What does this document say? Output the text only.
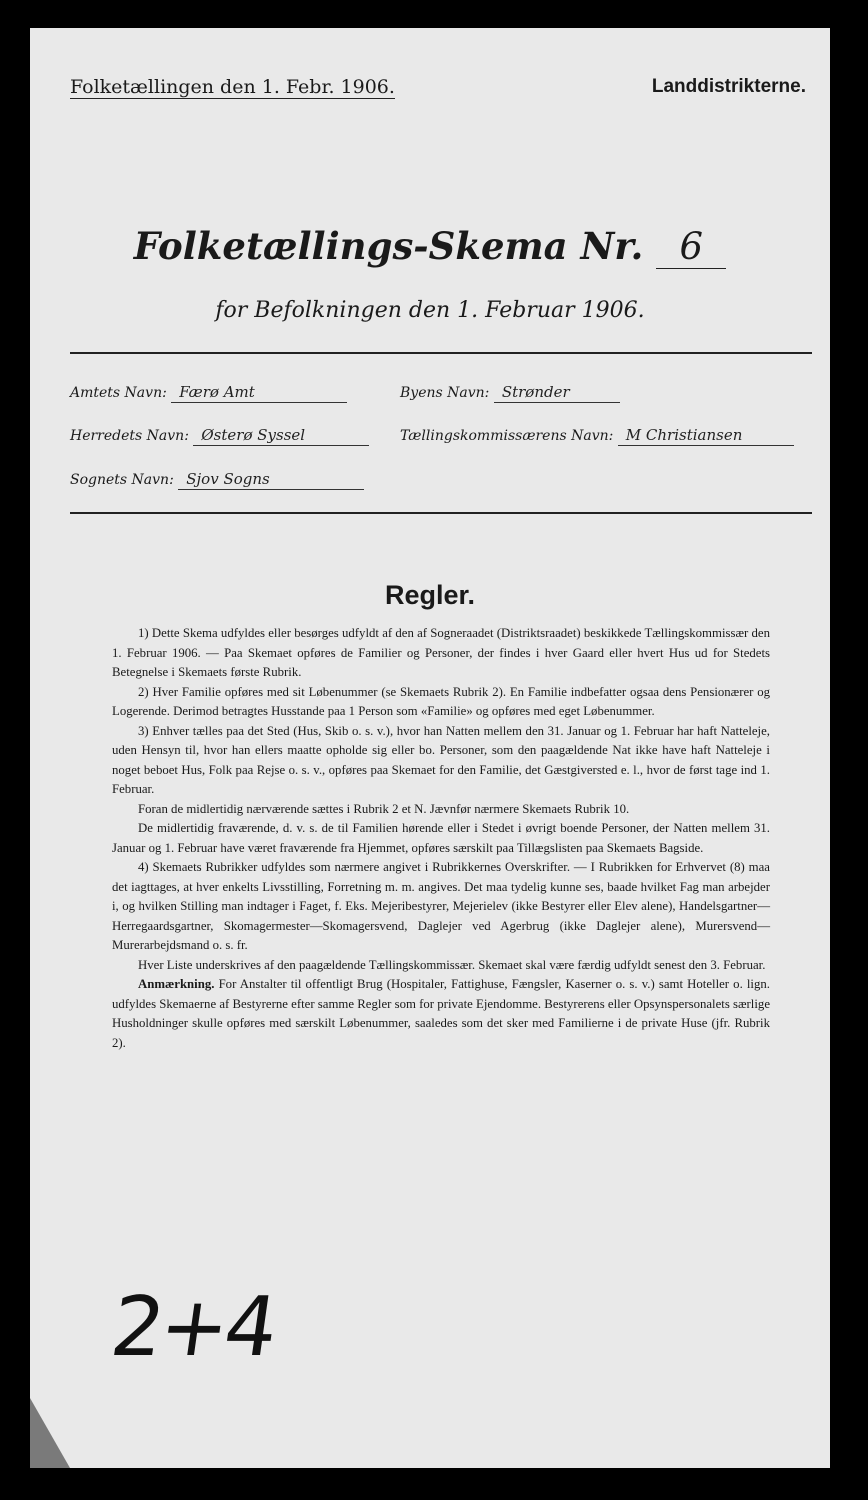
Folketællingen den 1. Febr. 1906.	Landdistrikterne.
Folketællings-Skema Nr. 6
for Befolkningen den 1. Februar 1906.
Amtets Navn: Færø Amt	Byens Navn: Strønder
Herredets Navn: Østerø Syssel	Tællingskommissærens Navn: M Christiansen
Sognets Navn: Sjov Sogns
Regler.

1) Dette Skema udfyldes eller besørges udfyldt af den af Sogneraadet (Distriktsraadet) beskikkede Tællingskommissær den 1. Februar 1906. — Paa Skemaet opføres de Familier og Personer, der findes i hver Gaard eller hvert Hus ud for Stedets Betegnelse i Skemaets første Rubrik.

2) Hver Familie opføres med sit Løbenummer (se Skemaets Rubrik 2). En Familie indbefatter ogsaa dens Pensionærer og Logerende. Derimod betragtes Husstande paa 1 Person som «Familie» og opføres med eget Løbenummer.

3) Enhver tælles paa det Sted (Hus, Skib o. s. v.), hvor han Natten mellem den 31. Januar og 1. Februar har haft Natteleje, uden Hensyn til, hvor han ellers maatte opholde sig eller bo. Personer, som den paagældende Nat ikke have haft Natteleje i noget beboet Hus, Folk paa Rejse o. s. v., opføres paa Skemaet for den Familie, det Gæstgiversted e. l., hvor de først tage ind 1. Februar.

Foran de midlertidig nærværende sættes i Rubrik 2 et N. Jævnfør nærmere Skemaets Rubrik 10.

De midlertidig fraværende, d. v. s. de til Familien hørende eller i Stedet i øvrigt boende Personer, der Natten mellem 31. Januar og 1. Februar have været fraværende fra Hjemmet, opføres særskilt paa Tillægslisten paa Skemaets Bagside.

4) Skemaets Rubrikker udfyldes som nærmere angivet i Rubrikkernes Overskrifter. — I Rubrikken for Erhvervet (8) maa det iagttages, at hver enkelts Livsstilling, Forretning m. m. angives. Det maa tydelig kunne ses, baade hvilket Fag man arbejder i, og hvilken Stilling man indtager i Faget, f. Eks. Mejeribestyrer, Mejerielev (ikke Bestyrer eller Elev alene), Handelsgartner—Herregaardsgartner, Skomagermester—Skomagersvend, Daglejer ved Agerbrug (ikke Daglejer alene), Murersvend—Murerarbejdsmand o. s. fr.

Hver Liste underskrives af den paagældende Tællingskommissær. Skemaet skal være færdig udfyldt senest den 3. Februar.

Anmærkning. For Anstalter til offentligt Brug (Hospitaler, Fattighuse, Fængsler, Kaserner o. s. v.) samt Hoteller o. lign. udfyldes Skemaerne af Bestyrerne efter samme Regler som for private Ejendomme. Bestyrerens eller Opsynspersonalets særlige Husholdninger skulle opføres med særskilt Løbenummer, saaledes som det sker med Familierne i de private Huse (jfr. Rubrik 2).

2+4
